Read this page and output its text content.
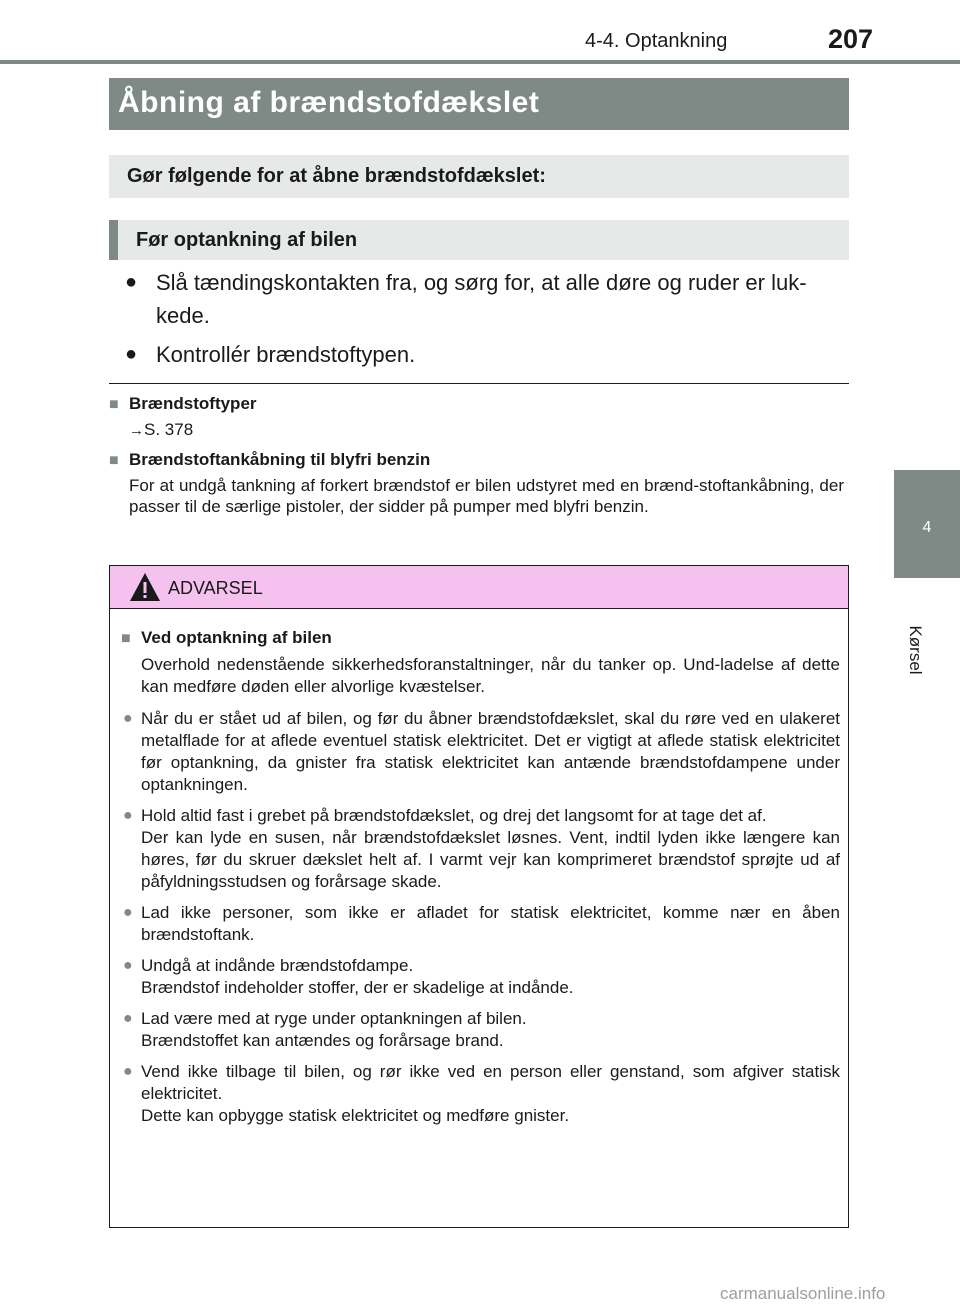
4-4. Optankning	207
4
Kørsel
Åbning af brændstofdækslet
Gør følgende for at åbne brændstofdækslet:
Før optankning af bilen
● Slå tændingskontakten fra, og sørg for, at alle døre og ruder er luk-kede.
● Kontrollér brændstoftypen.
■ Brændstoftyper
→S. 378
■ Brændstoftankåbning til blyfri benzin
For at undgå tankning af forkert brændstof er bilen udstyret med en brænd-stoftankåbning, der passer til de særlige pistoler, der sidder på pumper med blyfri benzin.
ADVARSEL
■ Ved optankning af bilen
Overhold nedenstående sikkerhedsforanstaltninger, når du tanker op. Und-ladelse af dette kan medføre døden eller alvorlige kvæstelser.
● Når du er stået ud af bilen, og før du åbner brændstofdækslet, skal du røre ved en ulakeret metalflade for at aflede eventuel statisk elektricitet. Det er vigtigt at aflede statisk elektricitet før optankning, da gnister fra statisk elektricitet kan antænde brændstofdampene under optankningen.
● Hold altid fast i grebet på brændstofdækslet, og drej det langsomt for at tage det af.
Der kan lyde en susen, når brændstofdækslet løsnes. Vent, indtil lyden ikke længere kan høres, før du skruer dækslet helt af. I varmt vejr kan komprimeret brændstof sprøjte ud af påfyldningsstudsen og forårsage skade.
● Lad ikke personer, som ikke er afladet for statisk elektricitet, komme nær en åben brændstoftank.
● Undgå at indånde brændstofdampe.
Brændstof indeholder stoffer, der er skadelige at indånde.
● Lad være med at ryge under optankningen af bilen.
Brændstoffet kan antændes og forårsage brand.
● Vend ikke tilbage til bilen, og rør ikke ved en person eller genstand, som afgiver statisk elektricitet.
Dette kan opbygge statisk elektricitet og medføre gnister.
carmanualsonline.info
